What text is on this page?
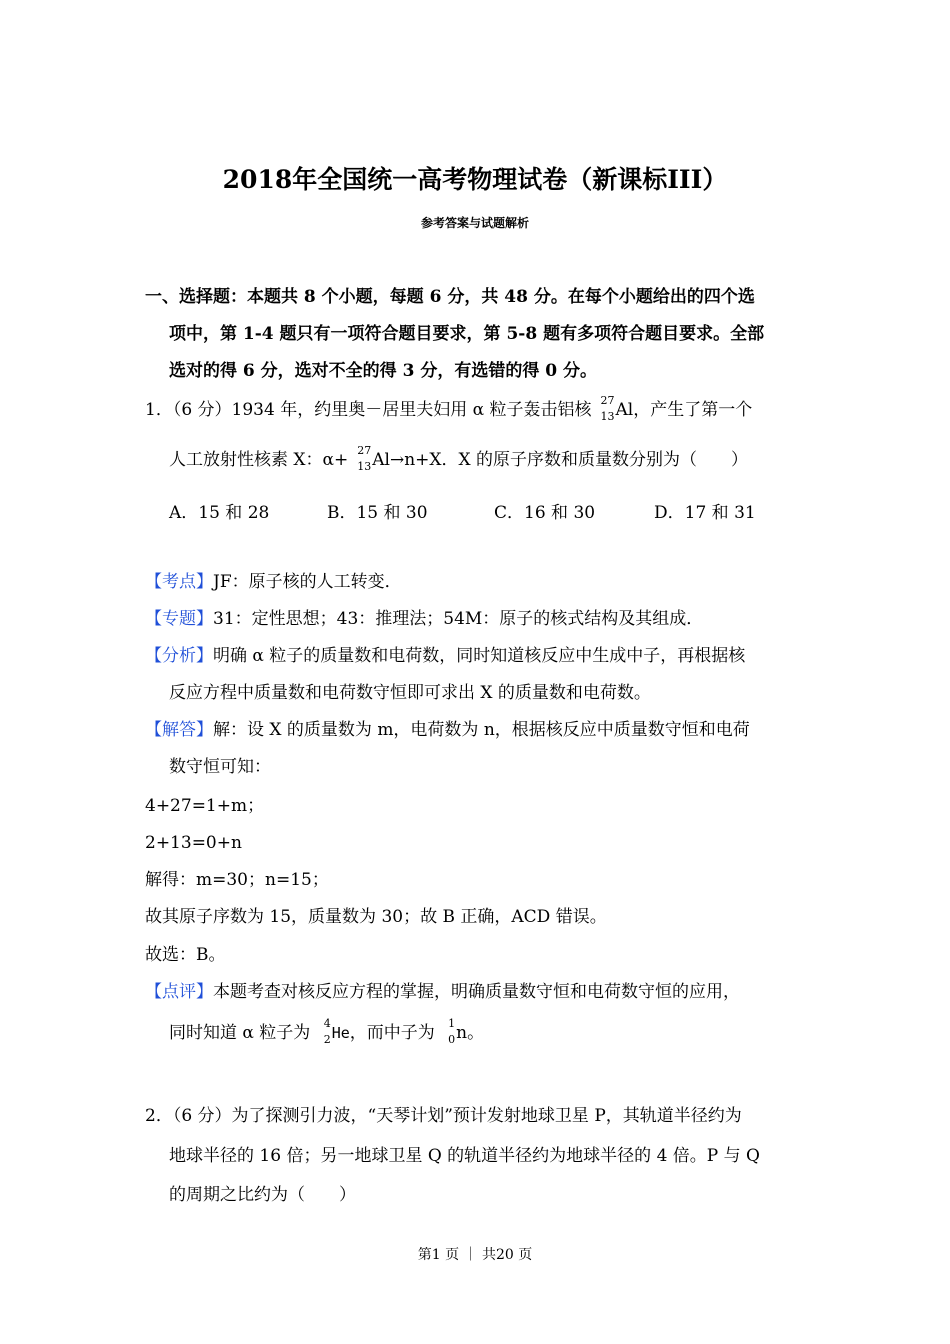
2018年全国统一高考物理试卷（新课标III）
参考答案与试题解析
一、选择题：本题共 8 个小题，每题 6 分，共 48 分。在每个小题给出的四个选
项中，第 1-4 题只有一项符合题目要求，第 5-8 题有多项符合题目要求。全部
选对的得 6 分，选对不全的得 3 分，有选错的得 0 分。
1．（6 分）1934 年，约里奥－居里夫妇用 α 粒子轰击铝核 27
13 Al，产生了第一个
人工放射性核素 X：α+ 27
13 Al→n+X．X 的原子序数和质量数分别为（　　）
A．15 和 28	B．15 和 30	C．16 和 30	D．17 和 31
【考点】JF：原子核的人工转变．
【专题】31：定性思想；43：推理法；54M：原子的核式结构及其组成．
【分析】明确 α 粒子的质量数和电荷数，同时知道核反应中生成中子，再根据核
反应方程中质量数和电荷数守恒即可求出 X 的质量数和电荷数。
【解答】解：设 X 的质量数为 m，电荷数为 n，根据核反应中质量数守恒和电荷
数守恒可知：
4+27=1+m；
2+13=0+n
解得：m=30；n=15；
故其原子序数为 15，质量数为 30；故 B 正确，ACD 错误。
故选：B。
【点评】本题考查对核反应方程的掌握，明确质量数守恒和电荷数守恒的应用，
同时知道 α 粒子为 4
2 He，而中子为 1
0 n。
2．（6 分）为了探测引力波，“天琴计划”预计发射地球卫星 P，其轨道半径约为
地球半径的 16 倍；另一地球卫星 Q 的轨道半径约为地球半径的 4 倍。P 与 Q
的周期之比约为（　　）
第1 页 ｜ 共20 页
